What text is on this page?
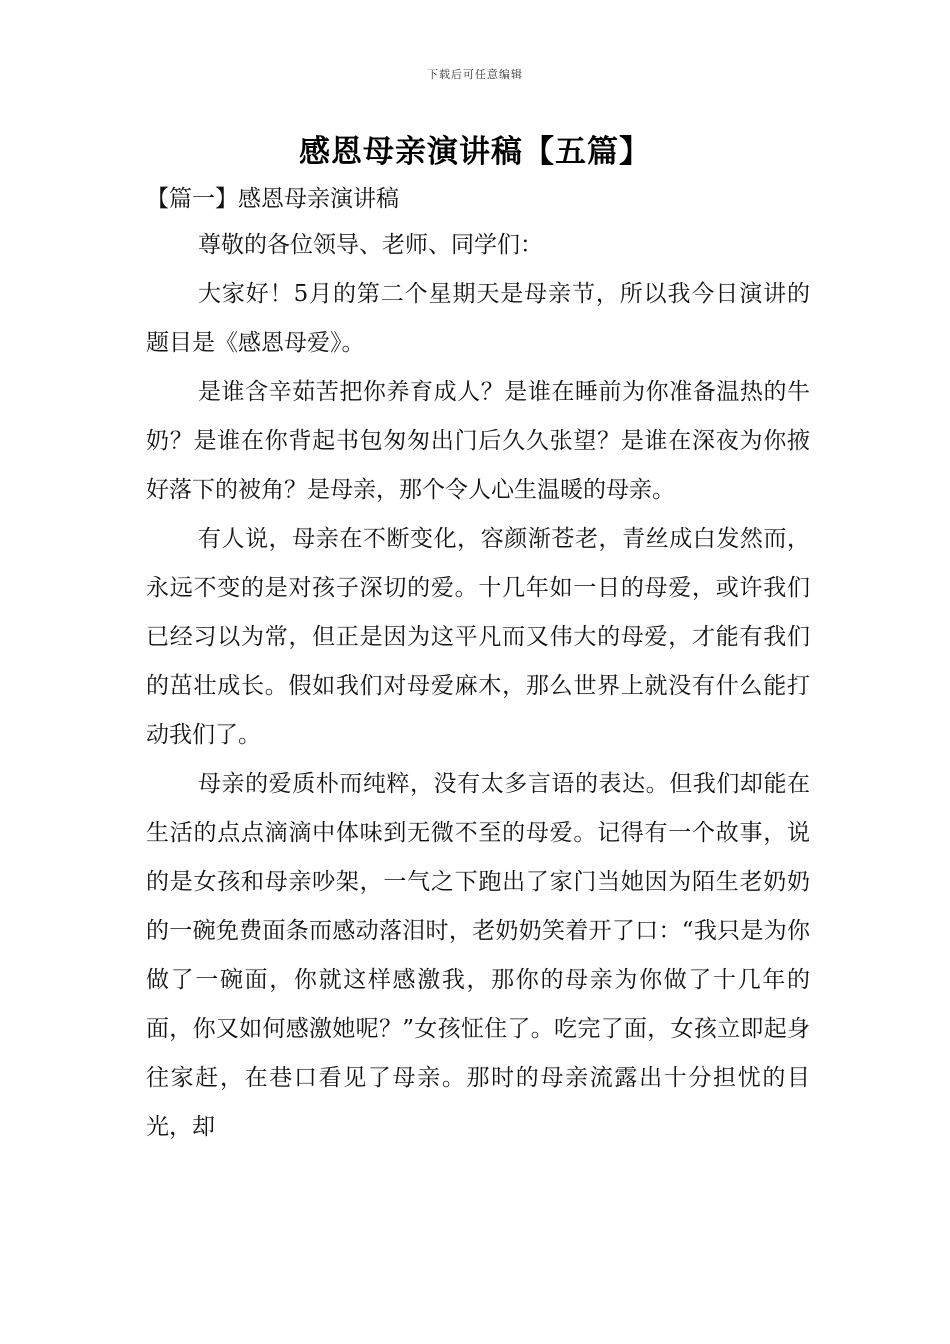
下载后可任意编辑
感恩母亲演讲稿【五篇】
【篇一】感恩母亲演讲稿

尊敬的各位领导、老师、同学们：

大家好！5月的第二个星期天是母亲节，所以我今日演讲的题目是《感恩母爱》。

是谁含辛茹苦把你养育成人？是谁在睡前为你准备温热的牛奶？是谁在你背起书包匆匆出门后久久张望？是谁在深夜为你掖好落下的被角？是母亲，那个令人心生温暖的母亲。

有人说，母亲在不断变化，容颜渐苍老，青丝成白发然而，永远不变的是对孩子深切的爱。十几年如一日的母爱，或许我们已经习以为常，但正是因为这平凡而又伟大的母爱，才能有我们的茁壮成长。假如我们对母爱麻木，那么世界上就没有什么能打动我们了。

母亲的爱质朴而纯粹，没有太多言语的表达。但我们却能在生活的点点滴滴中体味到无微不至的母爱。记得有一个故事，说的是女孩和母亲吵架，一气之下跑出了家门当她因为陌生老奶奶的一碗免费面条而感动落泪时，老奶奶笑着开了口：“我只是为你做了一碗面，你就这样感激我，那你的母亲为你做了十几年的面，你又如何感激她呢？”女孩怔住了。吃完了面，女孩立即起身往家赶，在巷口看见了母亲。那时的母亲流露出十分担忧的目光，却
